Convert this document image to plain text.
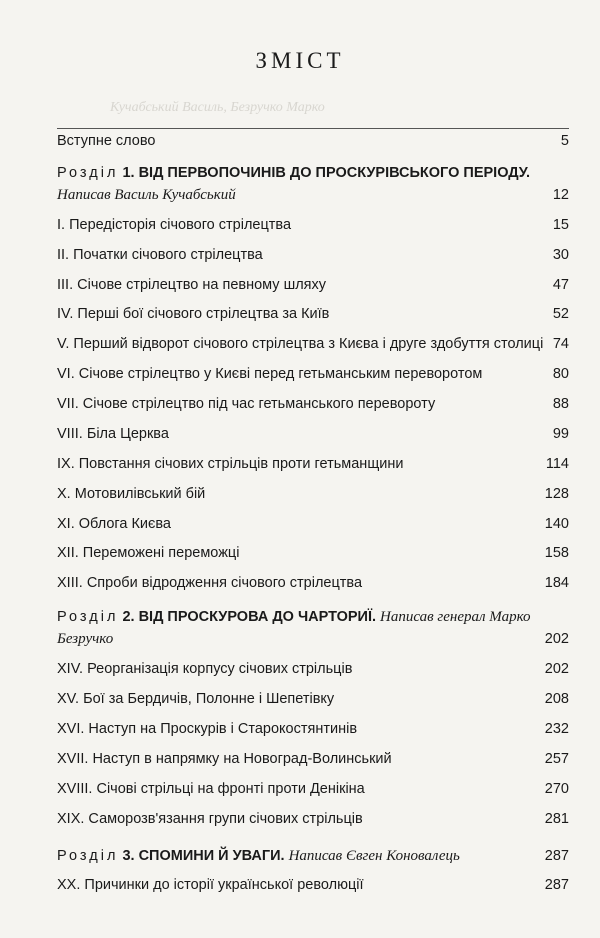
ЗМІСТ
Кучабський Василь, Безручко Марко
Вступне слово	5
Розділ 1. ВІД ПЕРВОПОЧИНІВ ДО ПРОСКУРІВСЬКОГО ПЕРІОДУ.
Написав Василь Кучабський	12
I. Передісторія січового стрілецтва	15
II. Початки січового стрілецтва	30
III. Січове стрілецтво на певному шляху	47
IV. Перші бої січового стрілецтва за Київ	52
V. Перший відворот січового стрілецтва з Києва і друге здобуття столиці 74
VI. Січове стрілецтво у Києві перед гетьманським переворотом	80
VII. Січове стрілецтво під час гетьманського перевороту	88
VIII. Біла Церква	99
IX. Повстання січових стрільців проти гетьманщини	114
X. Мотовилівський бій	128
XI. Облога Києва	140
XII. Переможені переможці	158
XIII. Спроби відродження січового стрілецтва	184
Розділ 2. ВІД ПРОСКУРОВА ДО ЧАРТОРИЇ. Написав генерал Марко
Безручко	202
XIV. Реорганізація корпусу січових стрільців	202
XV. Бої за Бердичів, Полонне і Шепетівку	208
XVI. Наступ на Проскурів і Старокостянтинів	232
XVII. Наступ в напрямку на Новоград-Волинський	257
XVIII. Січові стрільці на фронті проти Денікіна	270
XIX. Саморозв'язання групи січових стрільців	281
Розділ 3. СПОМИНИ Й УВАГИ. Написав Євген Коновалець	287
XX. Причинки до історії української революції	287
